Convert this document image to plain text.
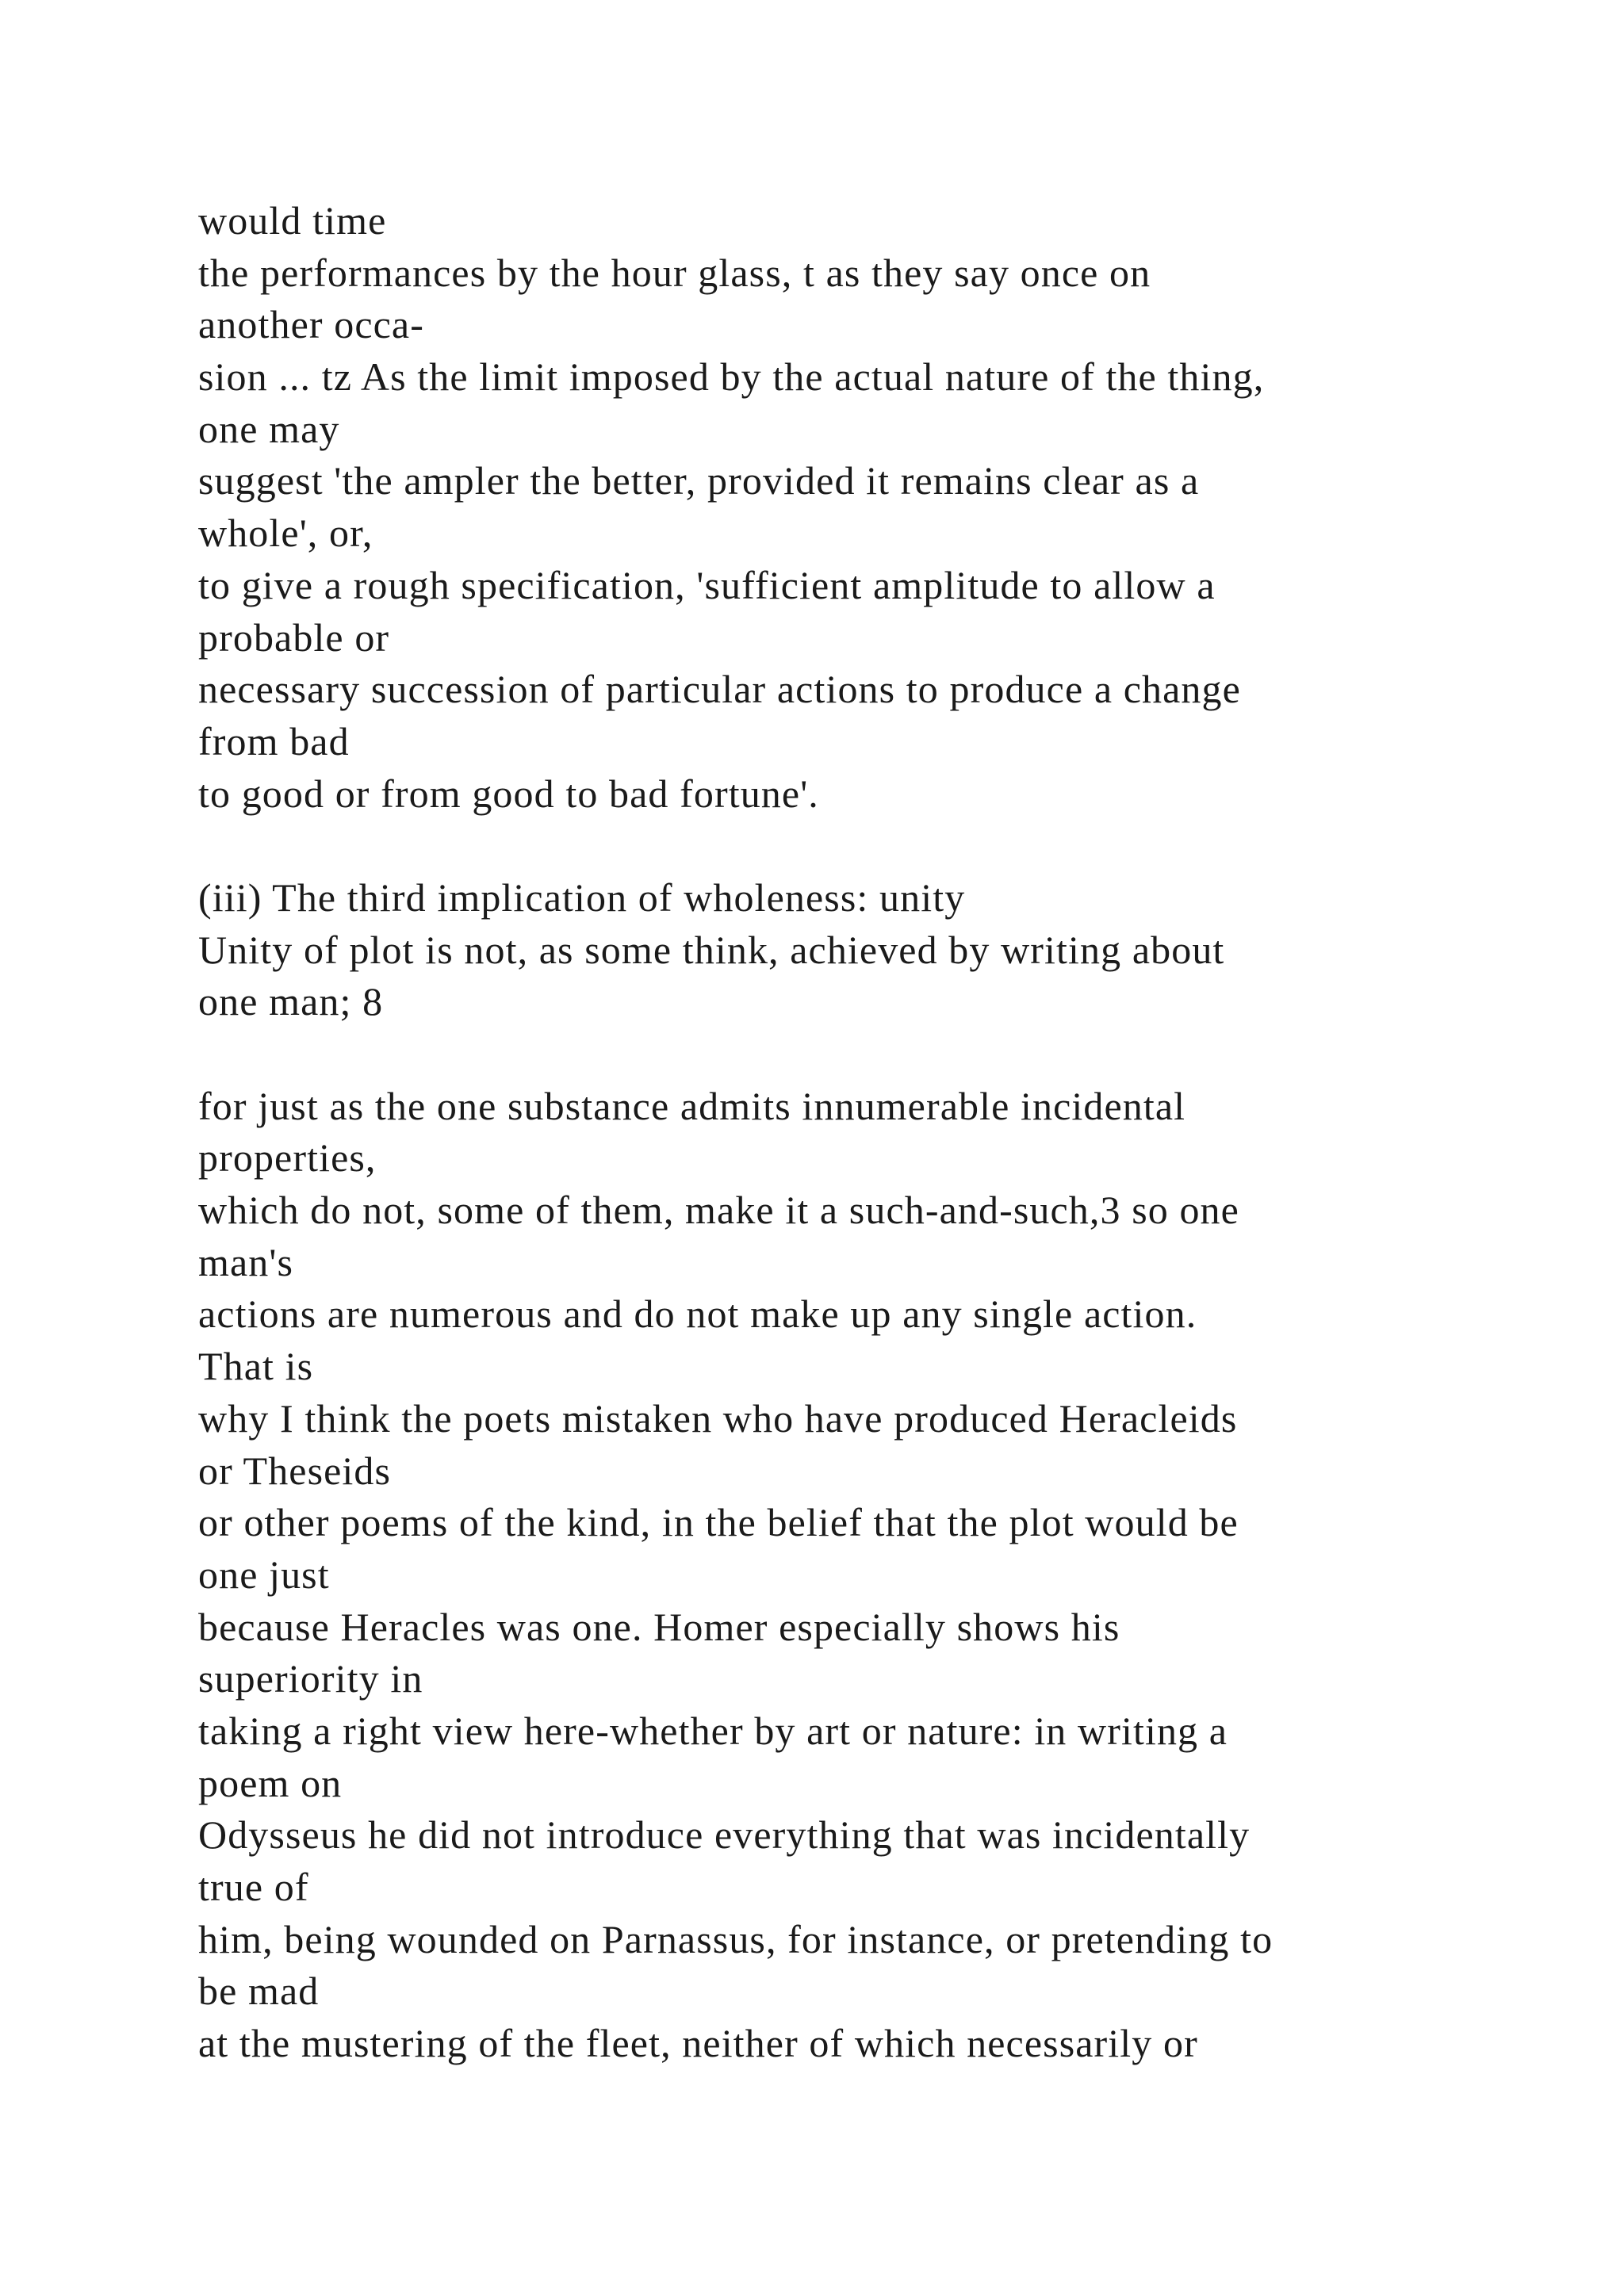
would time
the performances by the hour glass, t as they say once on
another occa-
sion ... tz As the limit imposed by the actual nature of the thing,
one may
suggest 'the ampler the better, provided it remains clear as a
whole', or,
to give a rough specification, 'sufficient amplitude to allow a
probable or
necessary succession of particular actions to produce a change
from bad
to good or from good to bad fortune'.
(iii) The third implication of wholeness: unity
Unity of plot is not, as some think, achieved by writing about
one man; 8
for just as the one substance admits innumerable incidental
properties,
which do not, some of them, make it a such-and-such,3 so one
man's
actions are numerous and do not make up any single action.
That is
why I think the poets mistaken who have produced Heracleids
or Theseids
or other poems of the kind, in the belief that the plot would be
one just
because Heracles was one. Homer especially shows his
superiority in
taking a right view here-whether by art or nature: in writing a
poem on
Odysseus he did not introduce everything that was incidentally
true of
him, being wounded on Parnassus, for instance, or pretending to
be mad
at the mustering of the fleet, neither of which necessarily or
